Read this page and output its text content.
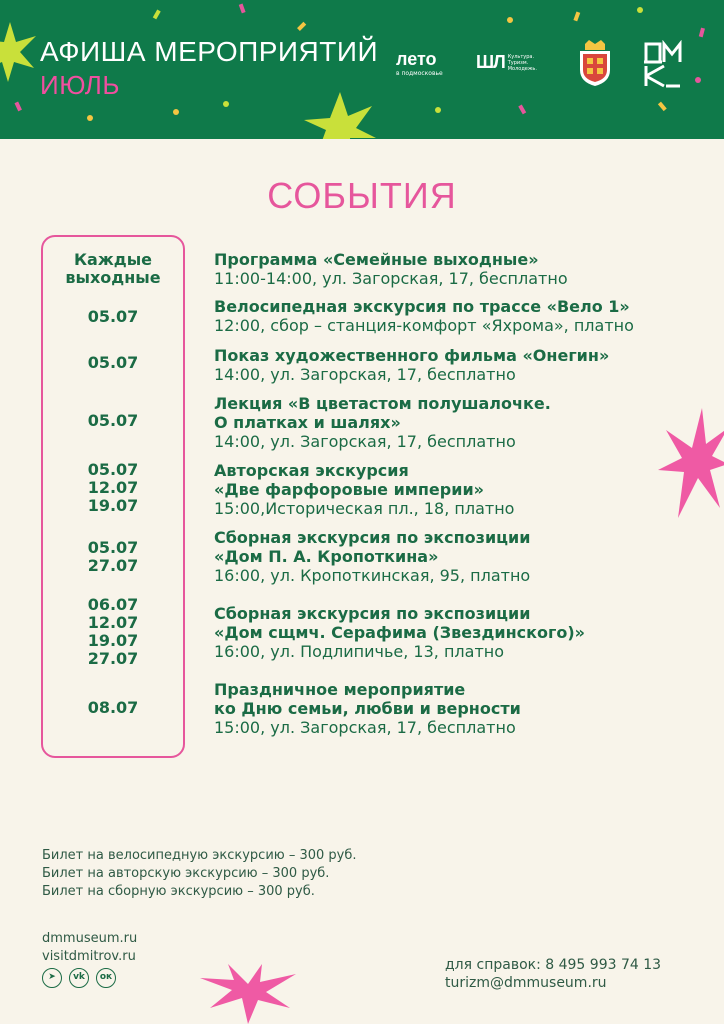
АФИША МЕРОПРИЯТИЙ
ИЮЛЬ
лето
в подмосковье
ШЛ Культура. Туризм. Молодежь.
СОБЫТИЯ
Каждые
выходные
05.07
05.07
05.07
05.07
12.07
19.07
05.07
27.07
06.07
12.07
19.07
27.07
08.07
Программа «Семейные выходные»
11:00-14:00, ул. Загорская, 17, бесплатно
Велосипедная экскурсия по трассе «Вело 1»
12:00, сбор – станция-комфорт «Яхрома», платно
Показ художественного фильма «Онегин»
14:00, ул. Загорская, 17, бесплатно
Лекция «В цветастом полушалочке.
О платках и шалях»
14:00, ул. Загорская, 17, бесплатно
Авторская экскурсия
«Две фарфоровые империи»
15:00,Историческая пл., 18, платно
Сборная экскурсия по экспозиции
«Дом П. А. Кропоткина»
16:00, ул. Кропоткинская, 95, платно
Сборная экскурсия по экспозиции
«Дом сщмч. Серафима (Звездинского)»
16:00, ул. Подлипичье, 13, платно
Праздничное мероприятие
ко Дню семьи, любви и верности
15:00, ул. Загорская, 17, бесплатно
Билет на велосипедную экскурсию – 300 руб.
Билет на авторскую экскурсию – 300 руб.
Билет на сборную экскурсию – 300 руб.
dmmuseum.ru
visitdmitrov.ru
➤	vk	ок
для справок: 8 495 993 74 13
turizm@dmmuseum.ru
